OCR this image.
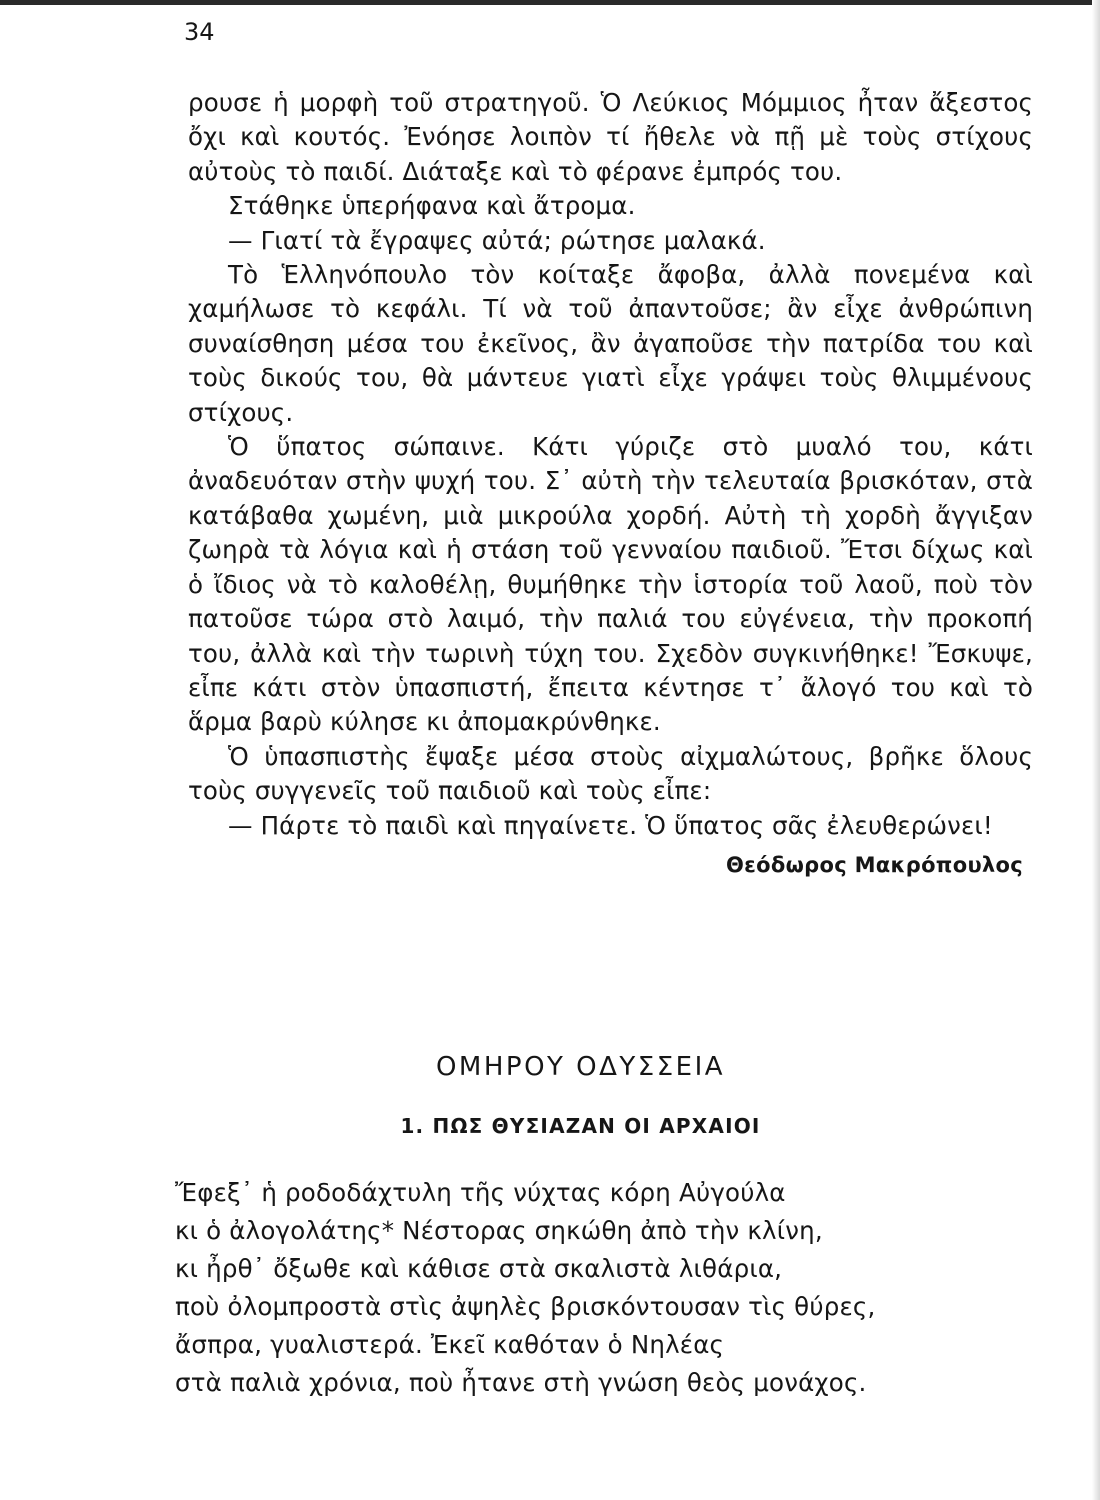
34

ρουσε ἡ μορφὴ τοῦ στρατηγοῦ. Ὁ Λεύκιος Μόμμιος ἦταν ἄξεστος ὄχι καὶ κουτός. Ἐνόησε λοιπὸν τί ἤθελε νὰ πῇ μὲ τοὺς στίχους αὐτοὺς τὸ παιδί. Διάταξε καὶ τὸ φέρανε ἐμπρός του.

Στάθηκε ὑπερήφανα καὶ ἄτρομα.

— Γιατί τὰ ἔγραψες αὐτά; ρώτησε μαλακά.

Τὸ Ἑλληνόπουλο τὸν κοίταξε ἄφοβα, ἀλλὰ πονεμένα καὶ χαμήλωσε τὸ κεφάλι. Τί νὰ τοῦ ἀπαντοῦσε; ἂν εἶχε ἀνθρώπινη συναίσθηση μέσα του ἐκεῖνος, ἂν ἀγαποῦσε τὴν πατρίδα του καὶ τοὺς δικούς του, θὰ μάντευε γιατὶ εἶχε γράψει τοὺς θλιμμένους στίχους.

Ὁ ὕπατος σώπαινε. Κάτι γύριζε στὸ μυαλό του, κάτι ἀναδευόταν στὴν ψυχή του. Σ᾿ αὐτὴ τὴν τελευταία βρισκόταν, στὰ κατάβαθα χωμένη, μιὰ μικρούλα χορδή. Αὐτὴ τὴ χορδὴ ἄγγιξαν ζωηρὰ τὰ λόγια καὶ ἡ στάση τοῦ γενναίου παιδιοῦ. Ἔτσι δίχως καὶ ὁ ἴδιος νὰ τὸ καλοθέλῃ, θυμήθηκε τὴν ἱστορία τοῦ λαοῦ, ποὺ τὸν πατοῦσε τώρα στὸ λαιμό, τὴν παλιά του εὐγένεια, τὴν προκοπή του, ἀλλὰ καὶ τὴν τωρινὴ τύχη του. Σχεδὸν συγκινήθηκε! Ἔσκυψε, εἶπε κάτι στὸν ὑπασπιστή, ἔπειτα κέντησε τ᾿ ἄλογό του καὶ τὸ ἅρμα βαρὺ κύλησε κι ἀπομακρύνθηκε.

Ὁ ὑπασπιστὴς ἔψαξε μέσα στοὺς αἰχμαλώτους, βρῆκε ὅλους τοὺς συγγενεῖς τοῦ παιδιοῦ καὶ τοὺς εἶπε:

— Πάρτε τὸ παιδὶ καὶ πηγαίνετε. Ὁ ὕπατος σᾶς ἐλευθερώνει!

Θεόδωρος Μακρόπουλος
ΟΜΗΡΟΥ ΟΔΥΣΣΕΙΑ
1. ΠΩΣ ΘΥΣΙΑΖΑΝ ΟΙ ΑΡΧΑΙΟΙ
Ἔφεξ᾿ ἡ ροδοδάχτυλη τῆς νύχτας κόρη Αὐγούλα
κι ὁ ἀλογολάτης* Νέστορας σηκώθη ἀπὸ τὴν κλίνη,
κι ἦρθ᾿ ὄξωθε καὶ κάθισε στὰ σκαλιστὰ λιθάρια,
ποὺ ὀλομπροστὰ στὶς ἀψηλὲς βρισκόντουσαν τὶς θύρες,
ἄσπρα, γυαλιστερά. Ἐκεῖ καθόταν ὁ Νηλέας
στὰ παλιὰ χρόνια, ποὺ ἦτανε στὴ γνώση θεὸς μονάχος.
